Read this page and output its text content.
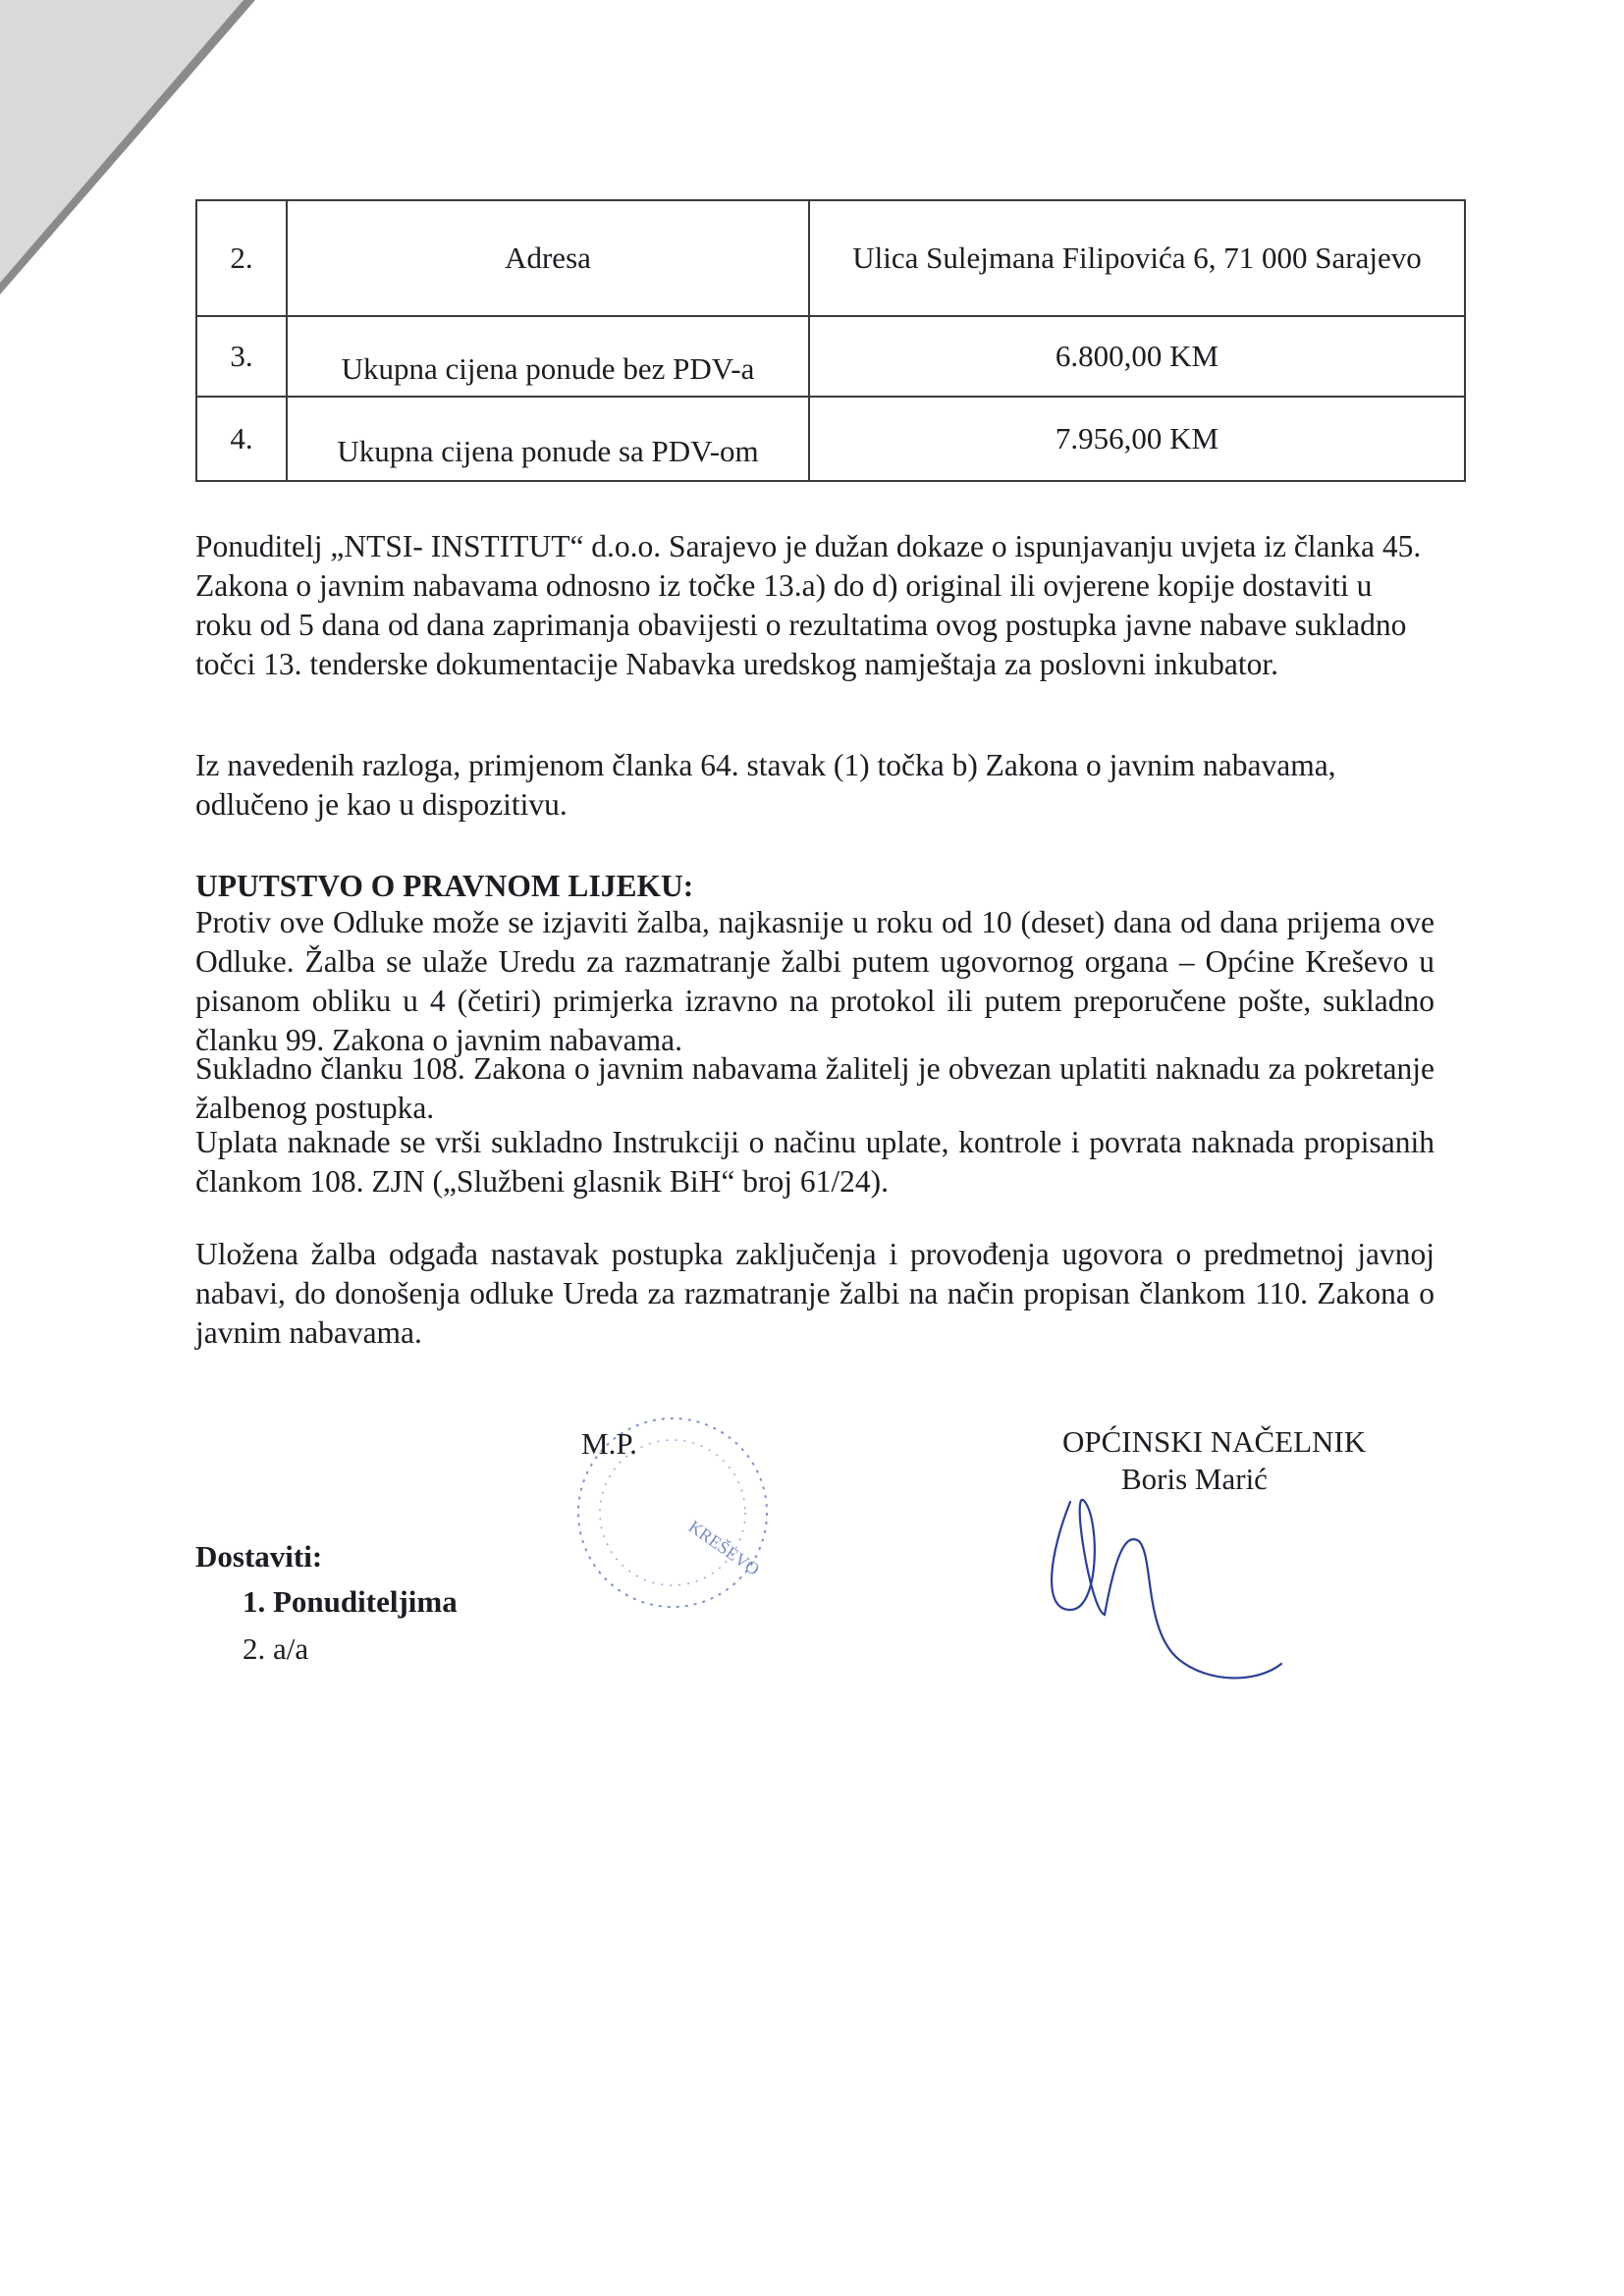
2.	Adresa	Ulica Sulejmana Filipovića 6, 71 000 Sarajevo
3.	Ukupna cijena ponude bez PDV-a	6.800,00 KM
4.	Ukupna cijena ponude sa PDV-om	7.956,00 KM

Ponuditelj „NTSI- INSTITUT“ d.o.o. Sarajevo je dužan dokaze o ispunjavanju uvjeta iz članka 45. Zakona o javnim nabavama odnosno iz točke 13.a) do d) original ili ovjerene kopije dostaviti u roku od 5 dana od dana zaprimanja obavijesti o rezultatima ovog postupka javne nabave sukladno točci 13. tenderske dokumentacije Nabavka uredskog namještaja za poslovni inkubator.

Iz navedenih razloga, primjenom članka 64. stavak (1) točka b) Zakona o javnim nabavama, odlučeno je kao u dispozitivu.

UPUTSTVO O PRAVNOM LIJEKU:

Protiv ove Odluke može se izjaviti žalba, najkasnije u roku od 10 (deset) dana od dana prijema ove Odluke. Žalba se ulaže Uredu za razmatranje žalbi putem ugovornog organa – Općine Kreševo u pisanom obliku u 4 (četiri) primjerka izravno na protokol ili putem preporučene pošte, sukladno članku 99. Zakona o javnim nabavama.

Sukladno članku 108. Zakona o javnim nabavama žalitelj je obvezan uplatiti naknadu za pokretanje žalbenog postupka.

Uplata naknade se vrši sukladno Instrukciji o načinu uplate, kontrole i povrata naknada propisanih člankom 108. ZJN („Službeni glasnik BiH“ broj 61/24).

Uložena žalba odgađa nastavak postupka zaključenja i provođenja ugovora o predmetnoj javnoj nabavi, do donošenja odluke Ureda za razmatranje žalbi na način propisan člankom 110. Zakona o javnim nabavama.

KREŠEVO
M.P.	OPĆINSKI NAČELNIK
Boris Marić
Dostaviti:
1. Ponuditeljima
2. a/a
